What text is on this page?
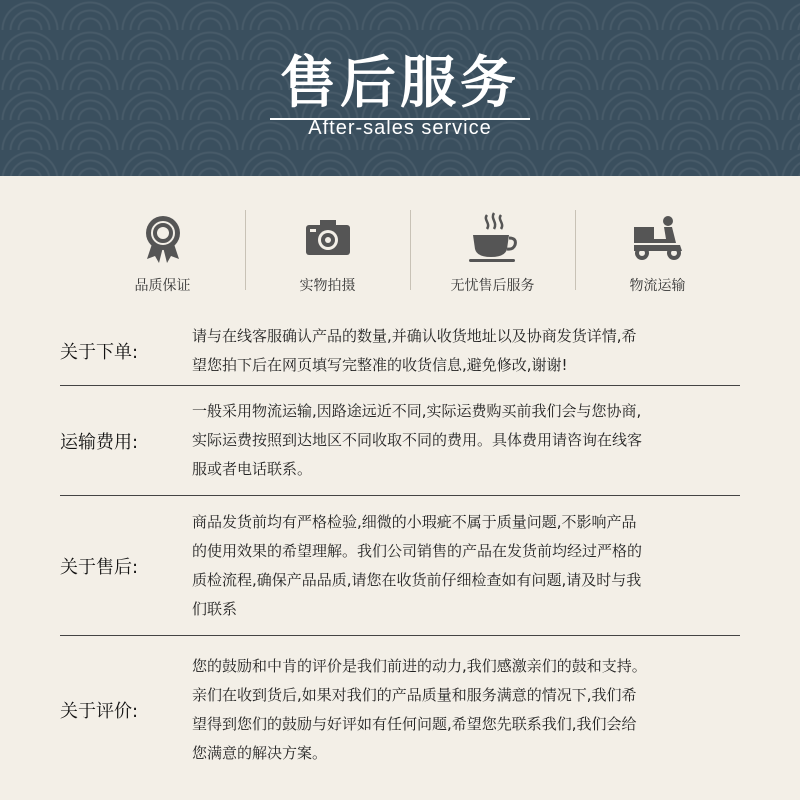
售后服务
After-sales service
品质保证	实物拍摄	无忧售后服务	物流运输
关于下单:
请与在线客服确认产品的数量,并确认收货地址以及协商发货详情,希
望您拍下后在网页填写完整准的收货信息,避免修改,谢谢!
运输费用:
一般采用物流运输,因路途远近不同,实际运费购买前我们会与您协商,
实际运费按照到达地区不同收取不同的费用。具体费用请咨询在线客
服或者电话联系。
关于售后:
商品发货前均有严格检验,细微的小瑕疵不属于质量问题,不影响产品
的使用效果的希望理解。我们公司销售的产品在发货前均经过严格的
质检流程,确保产品品质,请您在收货前仔细检查如有问题,请及时与我
们联系
关于评价:
您的鼓励和中肯的评价是我们前进的动力,我们感激亲们的鼓和支持。
亲们在收到货后,如果对我们的产品质量和服务满意的情况下,我们希
望得到您们的鼓励与好评如有任何问题,希望您先联系我们,我们会给
您满意的解决方案。
